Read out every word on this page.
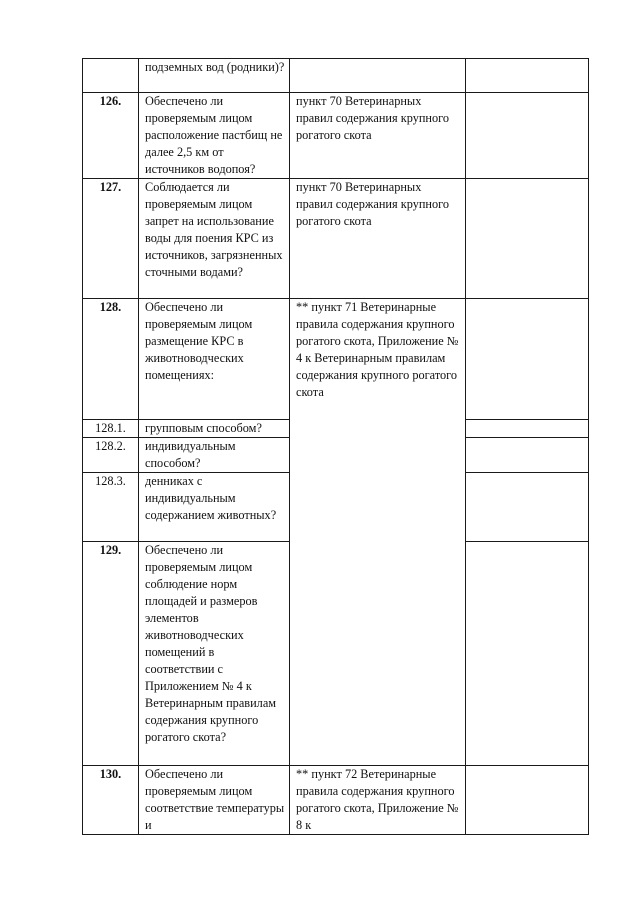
	подземных вод (родники)?		
126.	Обеспечено ли проверяемым лицом расположение пастбищ не далее 2,5 км от источников водопоя?	пункт 70 Ветеринарных правил содержания крупного рогатого скота	
127.	Соблюдается ли проверяемым лицом запрет на использование воды для поения КРС из источников, загрязненных сточными водами?	пункт 70 Ветеринарных правил содержания крупного рогатого скота	
128.	Обеспечено ли проверяемым лицом размещение КРС в животноводческих помещениях:	** пункт 71 Ветеринарные правила содержания крупного рогатого скота, Приложение № 4 к Ветеринарным правилам содержания крупного рогатого скота	
128.1.	групповым способом?		
128.2.	индивидуальным способом?		
128.3.	денниках с индивидуальным содержанием животных?		
129.	Обеспечено ли проверяемым лицом соблюдение норм площадей и размеров элементов животноводческих помещений в соответствии с Приложением № 4 к Ветеринарным правилам содержания крупного рогатого скота?		
130.	Обеспечено ли проверяемым лицом соответствие температуры и	** пункт 72 Ветеринарные правила содержания крупного рогатого скота, Приложение № 8 к	
